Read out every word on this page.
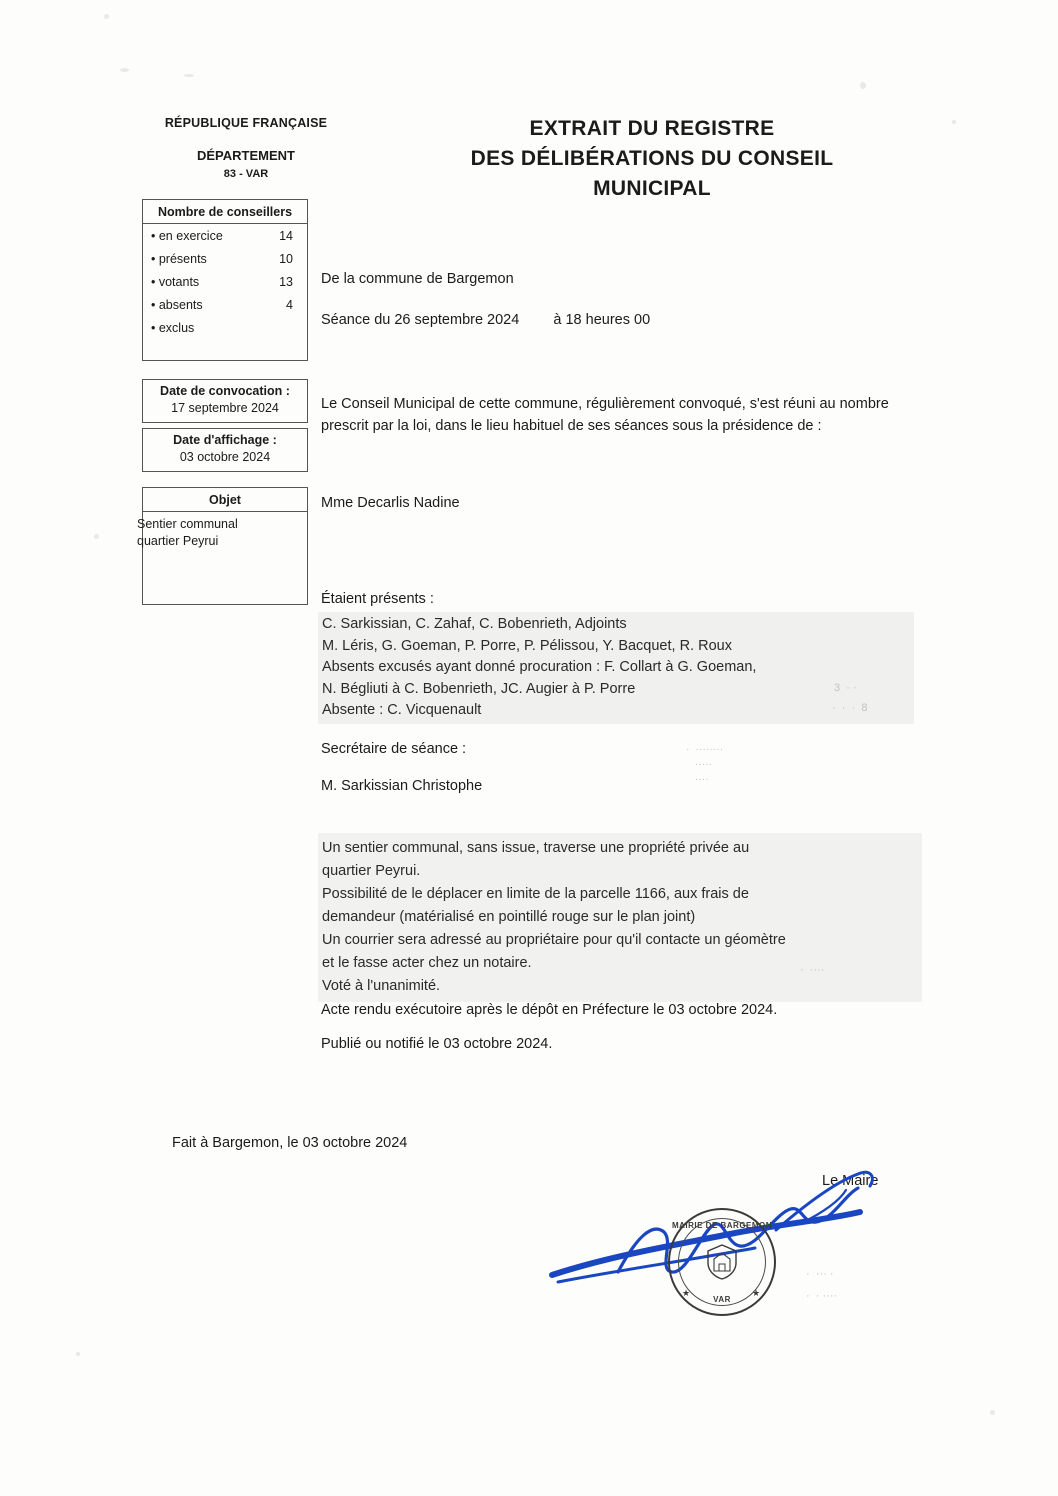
RÉPUBLIQUE FRANÇAISE
DÉPARTEMENT
83 - VAR
EXTRAIT DU REGISTRE
DES DÉLIBÉRATIONS DU CONSEIL
MUNICIPAL
Nombre de conseillers
• en exercice	14
• présents	10
• votants	13
• absents	4
• exclus
Date de convocation :
17 septembre 2024
Date d'affichage :
03 octobre 2024
Objet
Sentier communal
quartier Peyrui
De la commune de Bargemon
Séance du 26 septembre 2024 à 18 heures 00
Le Conseil Municipal de cette commune, régulièrement convoqué, s'est réuni au nombre prescrit par la loi, dans le lieu habituel de ses séances sous la présidence de :
Mme Decarlis Nadine
Étaient présents :
C. Sarkissian, C. Zahaf, C. Bobenrieth, Adjoints
M. Léris, G. Goeman, P. Porre, P. Pélissou, Y. Bacquet, R. Roux
Absents excusés ayant donné procuration : F. Collart à G. Goeman,
N. Bégliuti à C. Bobenrieth, JC. Augier à P. Porre
Absente : C. Vicquenault
3  · ·
·  ·  ·  8
·  ········
·····
····
Secrétaire de séance :
M. Sarkissian Christophe
Un sentier communal, sans issue, traverse une propriété privée au
quartier Peyrui.
Possibilité de le déplacer en limite de la parcelle 1166, aux frais de
demandeur (matérialisé en pointillé rouge sur le plan joint)
Un courrier sera adressé au propriétaire pour qu'il contacte un géomètre
et le fasse acter chez un notaire.
Voté à l'unanimité.
·  ····
Acte rendu exécutoire après le dépôt en Préfecture le 03 octobre 2024.
Publié ou notifié le 03 octobre 2024.
Fait à Bargemon, le 03 octobre 2024
Le Maire
MAIRIE DE BARGEMON
VAR
★	★
·  ··· ·
·  · ····
